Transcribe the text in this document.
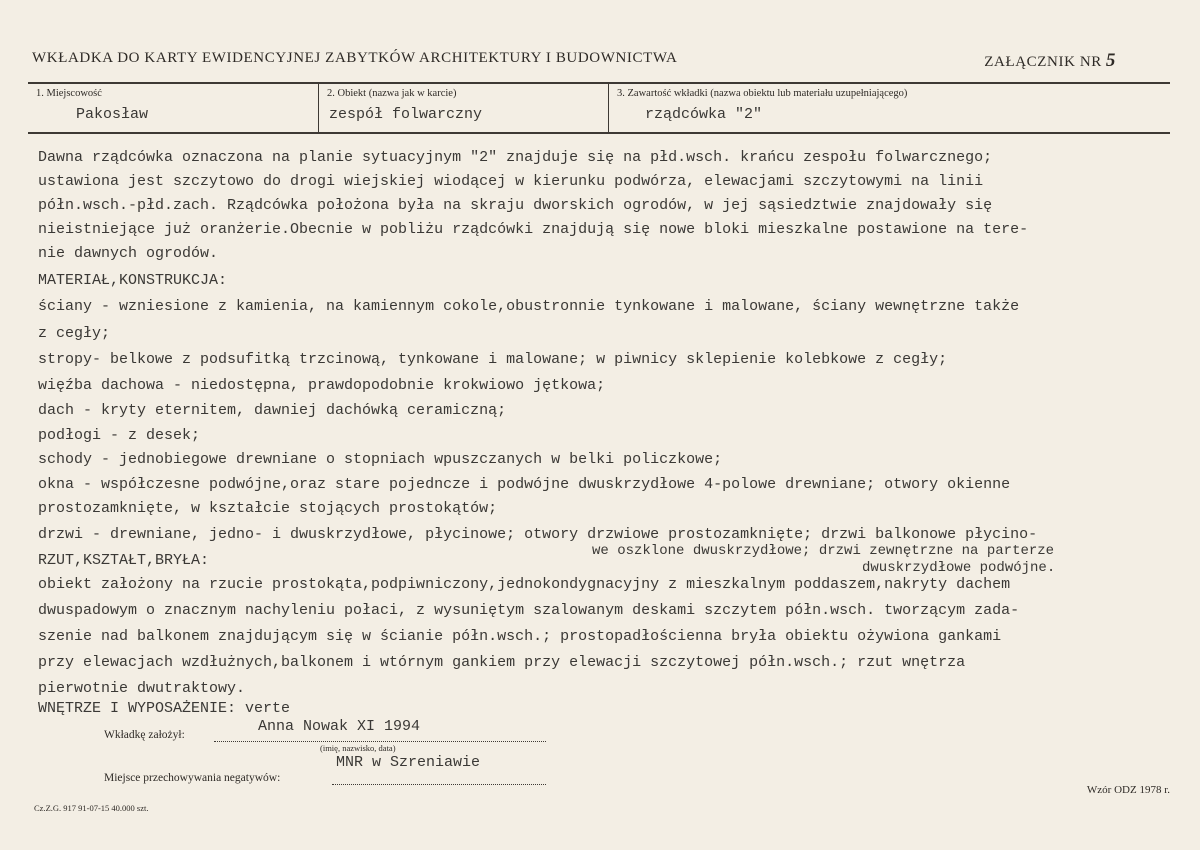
WKŁADKA DO KARTY EWIDENCYJNEJ ZABYTKÓW ARCHITEKTURY I BUDOWNICTWA	ZAŁĄCZNIK NR 5
1. Miejscowość
Pakosław
2. Obiekt (nazwa jak w karcie)
zespół folwarczny
3. Zawartość wkładki (nazwa obiektu lub materiału uzupełniającego)
rządcówka "2"
Dawna rządcówka oznaczona na planie sytuacyjnym "2" znajduje się na płd.wsch. krańcu zespołu folwarcznego;
ustawiona jest szczytowo do drogi wiejskiej wiodącej w kierunku podwórza, elewacjami szczytowymi na linii
półn.wsch.-płd.zach. Rządcówka położona była na skraju dworskich ogrodów, w jej sąsiedztwie znajdowały się
nieistniejące już oranżerie.Obecnie w pobliżu rządcówki znajdują się nowe bloki mieszkalne postawione na tere-
nie dawnych ogrodów.
MATERIAŁ,KONSTRUKCJA:
ściany - wzniesione z kamienia, na kamiennym cokole,obustronnie tynkowane i malowane, ściany wewnętrzne także
z cegły;
stropy- belkowe z podsufitką trzcinową, tynkowane i malowane; w piwnicy sklepienie kolebkowe z cegły;
więźba dachowa - niedostępna, prawdopodobnie krokwiowo jętkowa;
dach - kryty eternitem, dawniej dachówką ceramiczną;
podłogi - z desek;
schody - jednobiegowe drewniane o stopniach wpuszczanych w belki policzkowe;
okna - współczesne podwójne,oraz stare pojedncze i podwójne dwuskrzydłowe 4-polowe drewniane; otwory okienne
prostozamknięte, w kształcie stojących prostokątów;
drzwi - drewniane, jedno- i dwuskrzydłowe, płycinowe; otwory drzwiowe prostozamknięte; drzwi balkonowe płycino-
RZUT,KSZTAŁT,BRYŁA:
we oszklone dwuskrzydłowe; drzwi zewnętrzne na parterze
dwuskrzydłowe podwójne.
obiekt założony na rzucie prostokąta,podpiwniczony,jednokondygnacyjny z mieszkalnym poddaszem,nakryty dachem
dwuspadowym o znacznym nachyleniu połaci, z wysuniętym szalowanym deskami szczytem półn.wsch. tworzącym zada-
szenie nad balkonem znajdującym się w ścianie półn.wsch.; prostopadłościenna bryła obiektu ożywiona gankami
przy elewacjach wzdłużnych,balkonem i wtórnym gankiem przy elewacji szczytowej półn.wsch.; rzut wnętrza
pierwotnie dwutraktowy.
WNĘTRZE I WYPOSAŻENIE: verte
Wkładkę założył:	Anna Nowak XI 1994
(imię, nazwisko, data)
Miejsce przechowywania negatywów:
MNR w Szreniawie
Cz.Z.G. 917 91-07-15 40.000 szt.
Wzór ODZ 1978 r.
